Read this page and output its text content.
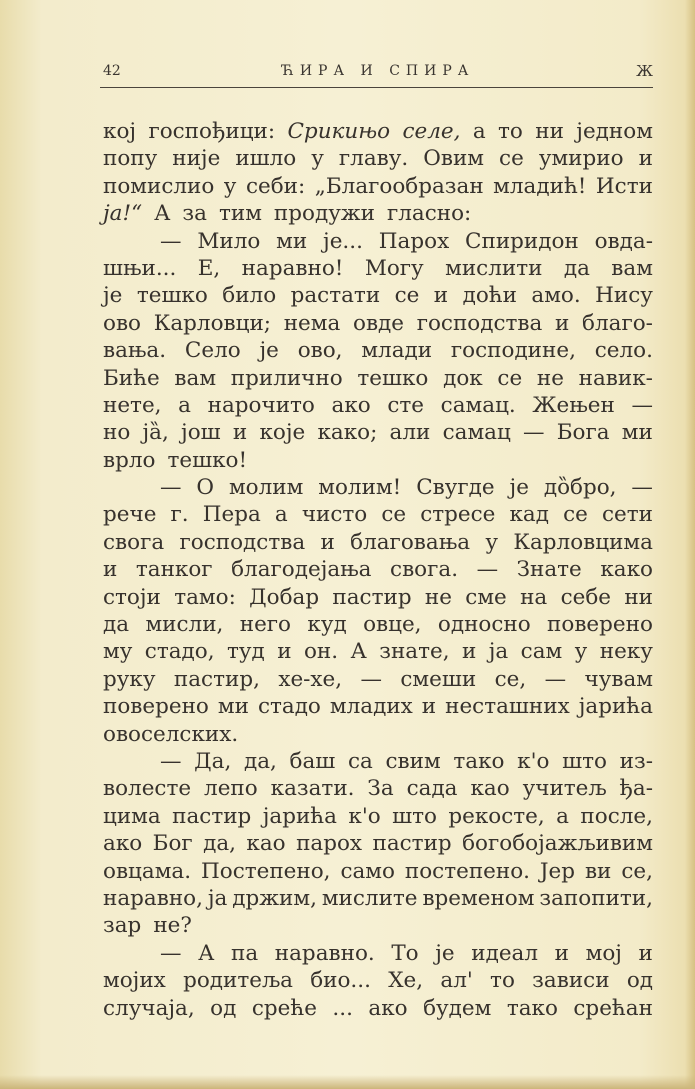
42	ЋИРА И СПИРА	Ж
кој госпођици: Срикињо селе, а то ни једном
попу није ишло у главу. Овим се умирио и
помислио у себи: „Благообразан младић! Исти
ја!“ А за тим продужи гласно:
— Мило ми је... Парох Спиридон овда-
шњи... Е, наравно! Могу мислити да вам
је тешко било растати се и доћи амо. Нису
ово Карловци; нема овде господства и благо-
вања. Село је ово, млади господине, село.
Биће вам прилично тешко док се не навик-
нете, а нарочито ако сте самац. Жењен —
но ја̏, још и које како; али самац — Бога ми
врло тешко!
— О молим молим! Свугде је до̏бро, —
рече г. Пера а чисто се стресе кад се сети
свога господства и благовања у Карловцима
и танког благодејања свога. — Знате како
стоји тамо: Добар пастир не сме на себе ни
да мисли, него куд овце, односно поверено
му стадо, туд и он. А знате, и ја сам у неку
руку пастир, хе-хе, — смеши се, — чувам
поверено ми стадо младих и несташних јарића
овоселских.
— Да, да, баш са свим тако к'о што из-
волесте лепо казати. За сада као учитељ ђа-
цима пастир јарића к'о што рекосте, а после,
ако Бог да, као парох пастир богобојажљивим
овцама. Постепено, само постепено. Јер ви се,
наравно, ја држим, мислите временом запопити,
зар не?
— А па наравно. То је идеал и мој и
мојих родитеља био... Хе, ал' то зависи од
случаја, од среће ... ако будем тако срећан
